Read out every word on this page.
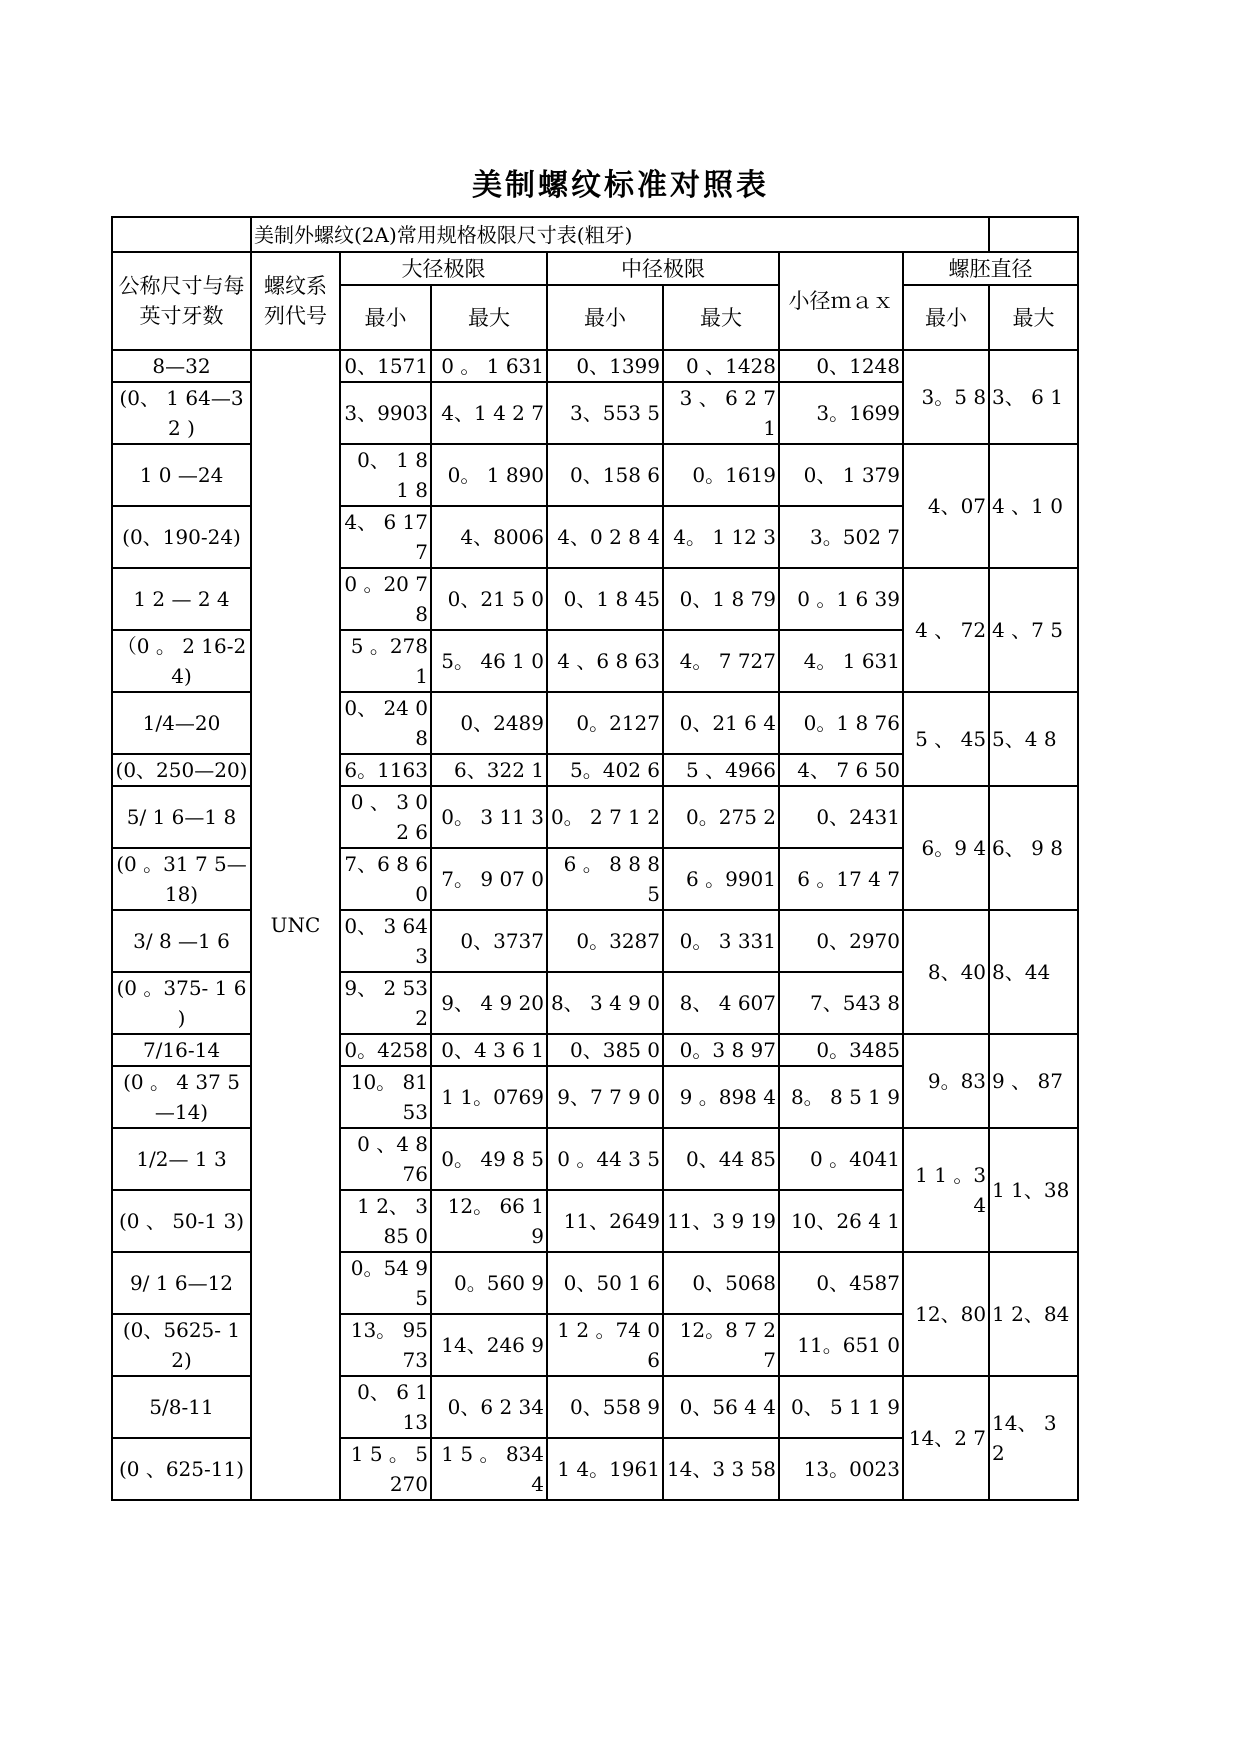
美制螺纹标准对照表
	美制外螺纹(2A)常用规格极限尺寸表(粗牙)							
公称尺寸与每英寸牙数	螺纹系列代号	大径极限		中径极限		小径ｍａｘ	螺胚直径	
		最小	最大	最小	最大		最小	最大
8—32	UNC	0、1571	0 。 1 631	0、1399	0 、1428	0、1248	3。5 8	3、 6 1
(0、 1 64—32 )		3、9903	4、1 4 2 7	3、553 5	3 、 6 2 7 1	3。1699		
1 0 —24		0、 1 8 1 8	0。 1 890	0、158 6	0。1619	0、 1 379	4、07	4 、1 0
(0、190-24)		4、 6 177	4、8006	4、0 2 8 4	4。 1 12 3	3。502 7		
1 2 — 2 4		0 。20 7 8	0、21 5 0	0、1 8 45	0、1 8 79	0 。1 6 39	4 、 72	4 、7 5
（0 。 2 16-24)		5 。278 1	5。 46 1 0	4 、6 8 63	4。 7 727	4。 1 631		
1/4—20		0、 24 0 8	0、2489	0。2127	0、21 6 4	0。1 8 76	5 、 45	5、4 8
(0、250—20)		6。1163	6、322 1	5。402 6	5 、4966	4、 7 6 50		
5/ 1 6—1 8		0 、 3 02 6	0。 3 11 3	0。 2 7 1 2	0。275 2	0、2431	6。9 4	6、 9 8
(0 。31 7 5—18)		7、6 8 60	7。 9 07 0	6 。 8 8 8 5	6 。9901	6 。17 4 7		
3/ 8 —1 6		0、 3 643	0、3737	0。3287	0。 3 331	0、2970	8、40	8、44
(0 。375- 1 6 )		9、 2 532	9、 4 9 20	8、 3 4 9 0	8、 4 607	7、543 8		
7/16-14		0。4258	0、4 3 6 1	0、385 0	0。3 8 97	0。3485	9。83	9 、 87
(0 。 4 37 5 —14)		10。 8153	1 1。0769	9、7 7 9 0	9 。898 4	8。 8 5 1 9		
1/2— 1 3		0 、4 8 76	0。 49 8 5	0 。44 3 5	0、44 85	0 。4041	1 1 。34	1 1、38
(0 、 50-1 3)		1 2、 3 85 0	12。 66 1 9	11、2649	11、3 9 19	10、26 4 1		
9/ 1 6—12		0。54 95	0。560 9	0、50 1 6	0、5068	0、4587	12、80	1 2、84
(0、5625- 1 2)		13。 9573	14、246 9	1 2 。74 0 6	12。8 7 2 7	11。651 0		
5/8-11		0、 6 1 13	0、6 2 34	0、558 9	0、56 4 4	0、 5 1 1 9	14、2 7	14、 3 2
(0 、625-11)		1 5 。 5270	1 5 。 8344	1 4。1961	14、3 3 58	13。0023		
